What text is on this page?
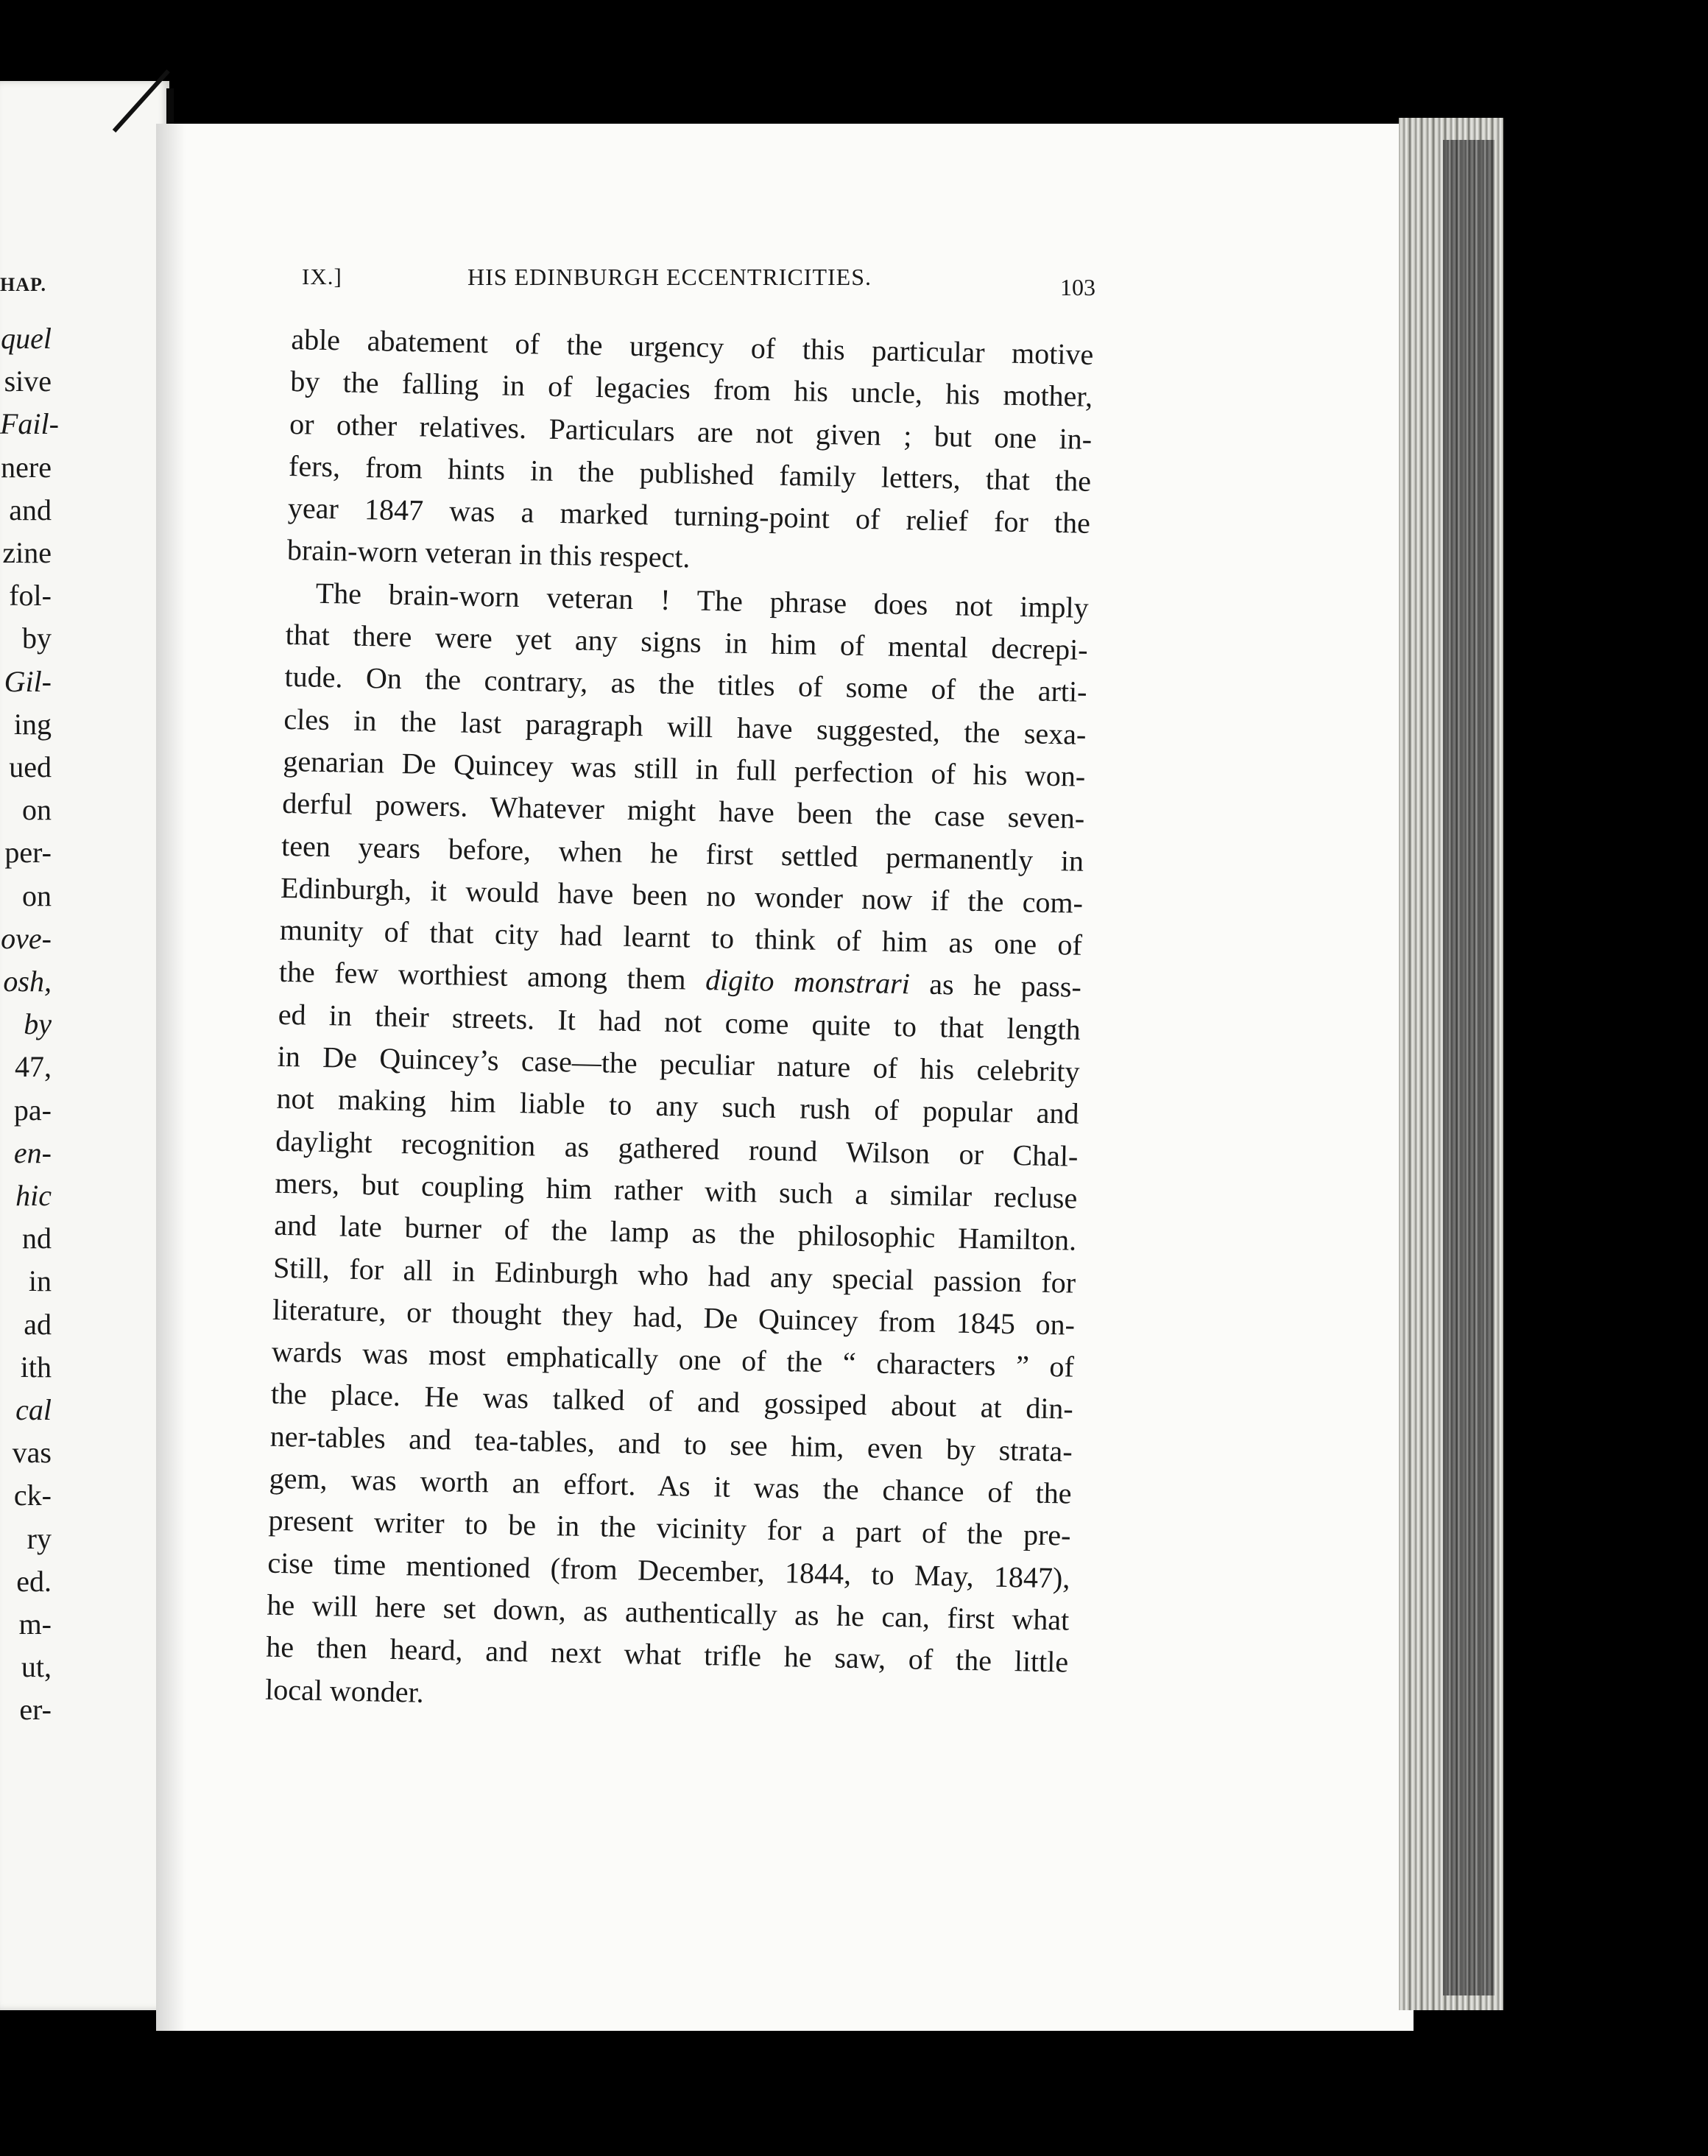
HAP.
quel
sive
Fail-
nere
and
zine
fol-
by
Gil-
ing
ued
on
per-
on
ove-
osh,
by
47,
pa-
en-
hic
nd
in
ad
ith
cal
vas
ck-
ry
ed.
m-
ut,
er-
IX.]	HIS EDINBURGH ECCENTRICITIES.	103
able abatement of the urgency of this particular motive
by the falling in of legacies from his uncle, his mother,
or other relatives. Particulars are not given ; but one in-
fers, from hints in the published family letters, that the
year 1847 was a marked turning-point of relief for the
brain-worn veteran in this respect.
The brain-worn veteran ! The phrase does not imply
that there were yet any signs in him of mental decrepi-
tude. On the contrary, as the titles of some of the arti-
cles in the last paragraph will have suggested, the sexa-
genarian De Quincey was still in full perfection of his won-
derful powers. Whatever might have been the case seven-
teen years before, when he first settled permanently in
Edinburgh, it would have been no wonder now if the com-
munity of that city had learnt to think of him as one of
the few worthiest among them digito monstrari as he pass-
ed in their streets. It had not come quite to that length
in De Quincey’s case—the peculiar nature of his celebrity
not making him liable to any such rush of popular and
daylight recognition as gathered round Wilson or Chal-
mers, but coupling him rather with such a similar recluse
and late burner of the lamp as the philosophic Hamilton.
Still, for all in Edinburgh who had any special passion for
literature, or thought they had, De Quincey from 1845 on-
wards was most emphatically one of the “ characters ” of
the place. He was talked of and gossiped about at din-
ner-tables and tea-tables, and to see him, even by strata-
gem, was worth an effort. As it was the chance of the
present writer to be in the vicinity for a part of the pre-
cise time mentioned (from December, 1844, to May, 1847),
he will here set down, as authentically as he can, first what
he then heard, and next what trifle he saw, of the little
local wonder.
